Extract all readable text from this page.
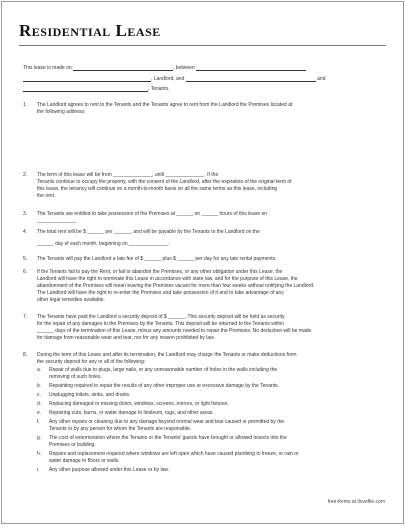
Residential Lease
This lease is made on	, between
, Landlord, and	and
, Tenants.
1. The Landlord agrees to rent to the Tenants and the Tenants agree to rent from the Landlord the Premises located at
the following address:
2. The term of this lease will be from ______________, until ______________. If the
Tenants continue to occupy the property, with the consent of the Landlord, after the expiration of the original term of
this lease, the tenancy will continue on a month-to-month basis on all the same terms as this lease, including
the rent.
3. The Tenants are entitled to take possession of the Premises at ______ on ______ hours of this lease on
______________.
4. The total rent will be $ ______ per ______, and will be payable by the Tenants to the Landlord on the
______ day of each month, beginning on ______________.
5. The Tenants will pay the Landlord a late fee of $ ______ plus $ ______ per day for any late rental payments.
6. If the Tenants fail to pay the Rent, or fail to abandon the Premises, or any other obligation under this Lease, the
Landlord will have the right to terminate this Lease in accordance with state law, and for the purpose of this Lease, the
abandonment of the Premises will mean leaving the Premises vacant for more than four weeks without notifying the Landlord.
The Landlord will have the right to re-enter the Premises and take possession of it and to take advantage of any
other legal remedies available.
7. The Tenants have paid the Landlord a security deposit of $ ______. This security deposit will be held as security
for the repair of any damages to the Premises by the Tenants. This deposit will be returned to the Tenants within
______ days of the termination of this Lease, minus any amounts needed to repair the Premises. No deduction will be made
for damage from reasonable wear and tear, nor for any reason prohibited by law.
8. During the term of this Lease and after its termination, the Landlord may charge the Tenants or make deductions from
the security deposit for any or all of the following:
a. Repair of walls due to plugs, large nails, or any unreasonable number of holes in the walls including the
removing of such holes.
b. Repainting required to repair the results of any other improper use or excessive damage by the Tenants.
c. Unplugging toilets, sinks, and drains.
d. Replacing damaged or missing doors, windows, screens, mirrors, or light fixtures.
e. Repairing cuts, burns, or water damage to linoleum, rugs, and other areas.
f. Any other repairs or cleaning due to any damage beyond normal wear and tear caused or permitted by the
Tenants or by any person for whom the Tenants are responsible.
g. The cost of extermination where the Tenants or the Tenants' guests have brought or allowed insects into the
Premises or building.
h. Repairs and replacement required where windows are left open which have caused plumbing to freeze, or rain or
water damage to floors or walls.
i. Any other purpose allowed under this Lease or by law.
free-forms at ilovefile.com
